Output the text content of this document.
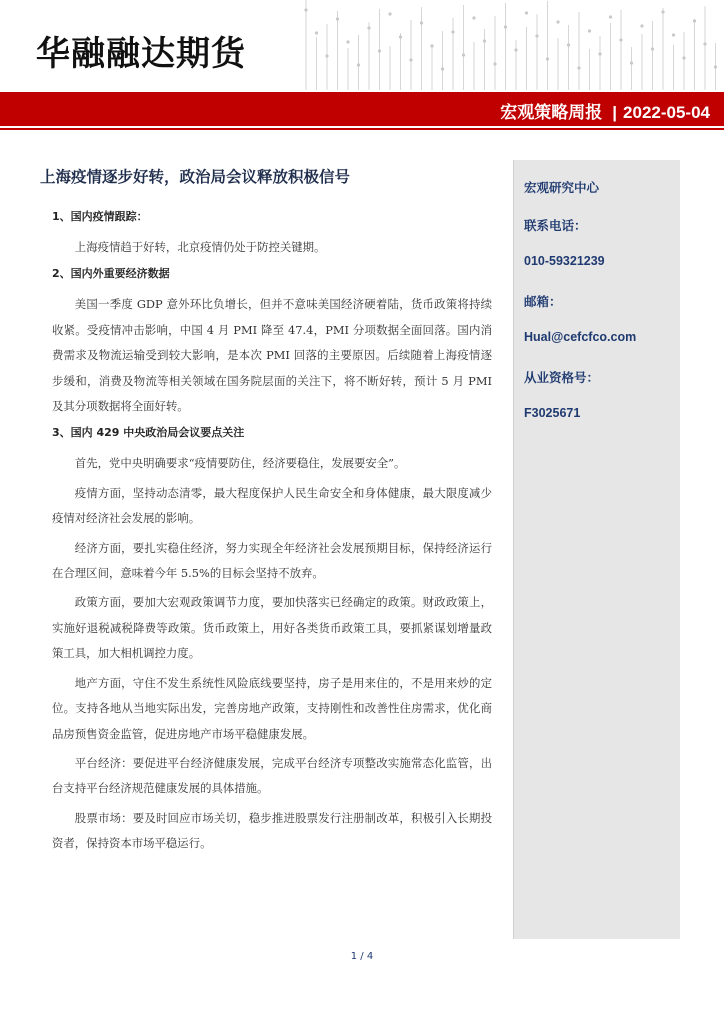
华融融达期货
宏观策略周报 | 2022-05-04
上海疫情逐步好转，政治局会议释放积极信号
1、国内疫情跟踪：

上海疫情趋于好转，北京疫情仍处于防控关键期。

2、国内外重要经济数据

美国一季度 GDP 意外环比负增长，但并不意味美国经济硬着陆，货币政策将持续收紧。受疫情冲击影响，中国 4 月 PMI 降至 47.4，PMI 分项数据全面回落。国内消费需求及物流运输受到较大影响，是本次 PMI 回落的主要原因。后续随着上海疫情逐步缓和，消费及物流等相关领域在国务院层面的关注下，将不断好转，预计 5 月 PMI 及其分项数据将全面好转。

3、国内 429 中央政治局会议要点关注

首先，党中央明确要求“疫情要防住，经济要稳住，发展要安全”。

疫情方面，坚持动态清零，最大程度保护人民生命安全和身体健康，最大限度减少疫情对经济社会发展的影响。

经济方面，要扎实稳住经济，努力实现全年经济社会发展预期目标，保持经济运行在合理区间，意味着今年 5.5%的目标会坚持不放弃。

政策方面，要加大宏观政策调节力度，要加快落实已经确定的政策。财政政策上，实施好退税减税降费等政策。货币政策上，用好各类货币政策工具，要抓紧谋划增量政策工具，加大相机调控力度。

地产方面，守住不发生系统性风险底线要坚持，房子是用来住的，不是用来炒的定位。支持各地从当地实际出发，完善房地产政策，支持刚性和改善性住房需求，优化商品房预售资金监管，促进房地产市场平稳健康发展。

平台经济：要促进平台经济健康发展，完成平台经济专项整改实施常态化监管，出台支持平台经济规范健康发展的具体措施。

股票市场：要及时回应市场关切，稳步推进股票发行注册制改革，积极引入长期投资者，保持资本市场平稳运行。

宏观研究中心
联系电话：
010-59321239
邮箱：
Hual@cefcfco.com
从业资格号：
F3025671
1 / 4
